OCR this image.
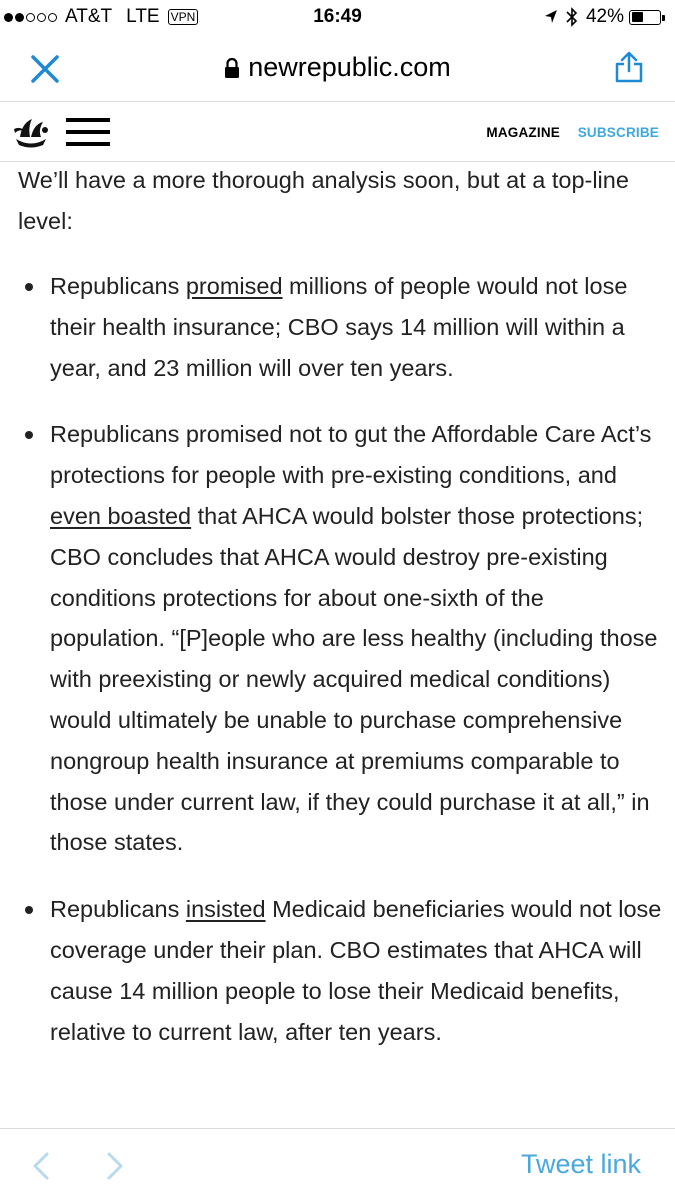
AT&T LTE VPN	16:49	42%
newrepublic.com
MAGAZINE SUBSCRIBE

We’ll have a more thorough analysis soon, but at a top-line level:

Republicans promised millions of people would not lose their health insurance; CBO says 14 million will within a year, and 23 million will over ten years.
Republicans promised not to gut the Affordable Care Act’s protections for people with pre-existing conditions, and even boasted that AHCA would bolster those protections; CBO concludes that AHCA would destroy pre-existing conditions protections for about one-sixth of the population. “[P]eople who are less healthy (including those with preexisting or newly acquired medical conditions) would ultimately be unable to purchase comprehensive nongroup health insurance at premiums comparable to those under current law, if they could purchase it at all,” in those states.
Republicans insisted Medicaid beneficiaries would not lose coverage under their plan. CBO estimates that AHCA will cause 14 million people to lose their Medicaid benefits, relative to current law, after ten years.
Tweet link
